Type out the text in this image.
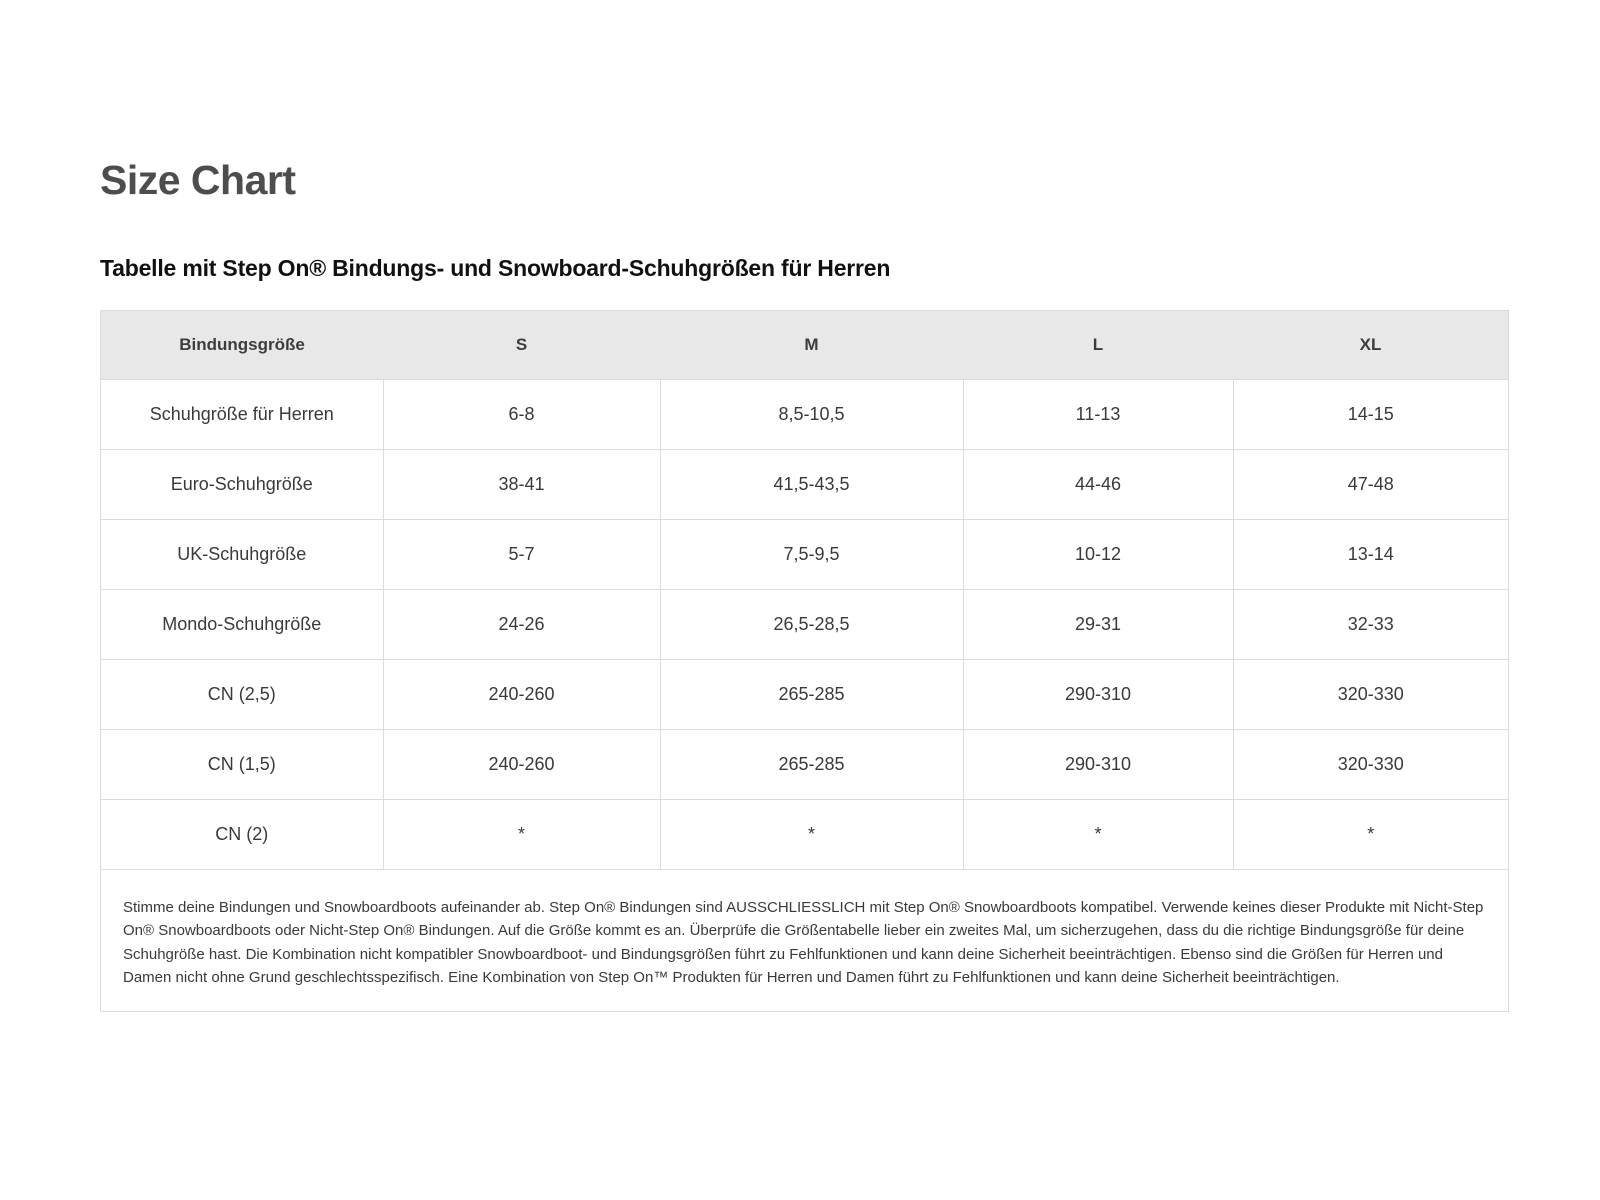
Size Chart
Tabelle mit Step On® Bindungs- und Snowboard-Schuhgrößen für Herren
Bindungsgröße	S	M	L	XL
Schuhgröße für Herren	6-8	8,5-10,5	11-13	14-15
Euro-Schuhgröße	38-41	41,5-43,5	44-46	47-48
UK-Schuhgröße	5-7	7,5-9,5	10-12	13-14
Mondo-Schuhgröße	24-26	26,5-28,5	29-31	32-33
CN (2,5)	240-260	265-285	290-310	320-330
CN (1,5)	240-260	265-285	290-310	320-330
CN (2)	*	*	*	*
Stimme deine Bindungen und Snowboardboots aufeinander ab. Step On® Bindungen sind AUSSCHLIESSLICH mit Step On® Snowboardboots kompatibel. Verwende keines dieser Produkte mit Nicht-Step On® Snowboardboots oder Nicht-Step On® Bindungen. Auf die Größe kommt es an. Überprüfe die Größentabelle lieber ein zweites Mal, um sicherzugehen, dass du die richtige Bindungsgröße für deine Schuhgröße hast. Die Kombination nicht kompatibler Snowboardboot- und Bindungsgrößen führt zu Fehlfunktionen und kann deine Sicherheit beeinträchtigen. Ebenso sind die Größen für Herren und Damen nicht ohne Grund geschlechtsspezifisch. Eine Kombination von Step On™ Produkten für Herren und Damen führt zu Fehlfunktionen und kann deine Sicherheit beeinträchtigen.
